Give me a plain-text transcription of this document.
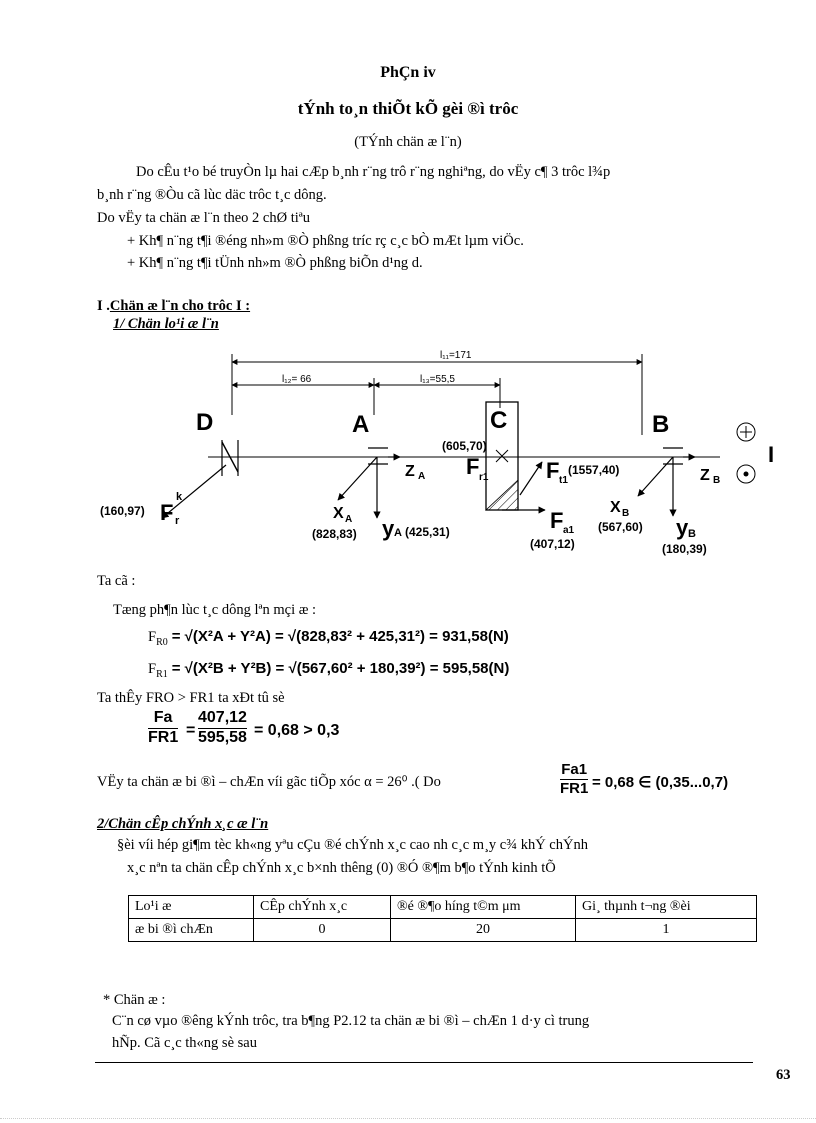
PhÇn iv
tÝnh to¸n thiÕt kÕ gèi ®ì trôc
(TÝnh chän æ l¨n)
Do cÊu t¹o bé truyÒn lµ hai cÆp b¸nh r¨ng trô r¨ng nghiªng, do vËy c¶ 3 trôc l¾p
b¸nh r¨ng ®Òu cã lùc däc trôc t¸c dông.
Do vËy ta chän æ l¨n theo 2 chØ tiªu
+ Kh¶ n¨ng t¶i ®éng nh»m ®Ò phßng tríc rç c¸c bÒ mÆt lµm viÖc.
+ Kh¶ n¨ng t¶i tÜnh nh»m ®Ò phßng biÕn d¹ng d.
I .Chän æ l¨n cho trôc I :
1/ Chän lo¹i æ l¨n
l₁₁=171
l₁₂= 66	l₁₃=55,5
D
(160,97) F
k
r
A
Z A
X A
(828,83) y A (425,31)
C
(605,70)
F r1	F t1
(1557,40)
F a1
(407,12)
B
Z B
X B
(567,60) y B
(180,39)
I
Ta cã :
Tæng ph¶n lùc t¸c dông lªn mçi æ :
$F_{R0} = √(X^2A + Y^2A) = √(828,83^2 + 425,31^2) = 931,58(N)$
$F_{R1} = √(X^2B + Y^2B) = √(567,60^2 + 180,39^2) = 595,58(N)$
Ta thÊy FRO > FR1 ta xÐt tû sè
Fa
FR1 =
407,12
595,58 = 0,68 > 0,3
VËy ta chän æ bi ®ì – chÆn víi gãc tiÕp xóc α = 26⁰ .( Do
Fa1
FR1 = 0,68 ∈ (0,35...0,7)
2/Chän cÊp chÝnh x¸c æ l¨n
§èi víi hép gi¶m tèc kh«ng yªu cÇu ®é chÝnh x¸c cao nh c¸c m¸y c¾ khÝ chÝnh
x¸c nªn ta chän cÊp chÝnh x¸c b×nh thêng (0) ®Ó ®¶m b¶o tÝnh kinh tÕ
Lo¹i æ	CÊp chÝnh x¸c	®é ®¶o híng t©m μm	Gi¸ thµnh t¬ng ®èi
æ bi ®ì chÆn	0	20	1
* Chän æ :
C¨n cø vµo ®êng kÝnh trôc, tra b¶ng P2.12 ta chän æ bi ®ì – chÆn 1 d·y cì trung
hÑp. Cã c¸c th«ng sè sau
63
